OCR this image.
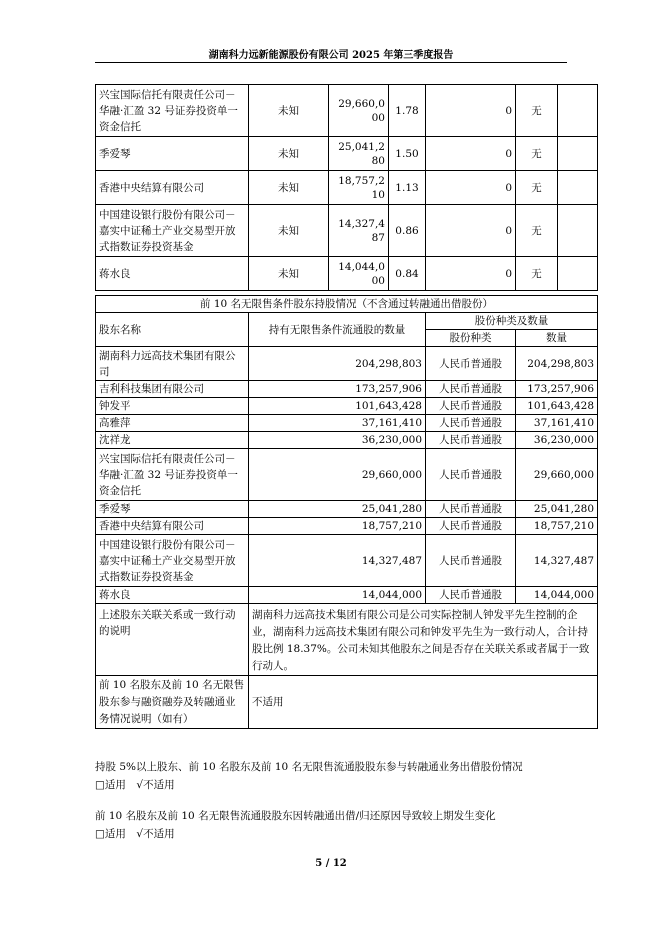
湖南科力远新能源股份有限公司 2025 年第三季度报告
兴宝国际信托有限责任公司－华融·汇盈 32 号证券投资单一资金信托	未知	29,660,000	1.78	0	无	
季爱琴	未知	25,041,280	1.50	0	无	
香港中央结算有限公司	未知	18,757,210	1.13	0	无	
中国建设银行股份有限公司－嘉实中证稀土产业交易型开放式指数证券投资基金	未知	14,327,487	0.86	0	无	
蒋水良	未知	14,044,000	0.84	0	无	
前 10 名无限售条件股东持股情况（不含通过转融通出借股份）			
股东名称	持有无限售条件流通股的数量	股份种类及数量	
		股份种类	数量
湖南科力远高技术集团有限公司	204,298,803	人民币普通股	204,298,803
吉利科技集团有限公司	173,257,906	人民币普通股	173,257,906
钟发平	101,643,428	人民币普通股	101,643,428
高雅萍	37,161,410	人民币普通股	37,161,410
沈祥龙	36,230,000	人民币普通股	36,230,000
兴宝国际信托有限责任公司－华融·汇盈 32 号证券投资单一资金信托	29,660,000	人民币普通股	29,660,000
季爱琴	25,041,280	人民币普通股	25,041,280
香港中央结算有限公司	18,757,210	人民币普通股	18,757,210
中国建设银行股份有限公司－嘉实中证稀土产业交易型开放式指数证券投资基金	14,327,487	人民币普通股	14,327,487
蒋水良	14,044,000	人民币普通股	14,044,000
上述股东关联关系或一致行动的说明	湖南科力远高技术集团有限公司是公司实际控制人钟发平先生控制的企业，湖南科力远高技术集团有限公司和钟发平先生为一致行动人，合计持股比例 18.37%。公司未知其他股东之间是否存在关联关系或者属于一致行动人。		
前 10 名股东及前 10 名无限售股东参与融资融券及转融通业务情况说明（如有）	不适用		
持股 5%以上股东、前 10 名股东及前 10 名无限售流通股股东参与转融通业务出借股份情况
□适用　√不适用
前 10 名股东及前 10 名无限售流通股股东因转融通出借/归还原因导致较上期发生变化
□适用　√不适用
5 / 12
